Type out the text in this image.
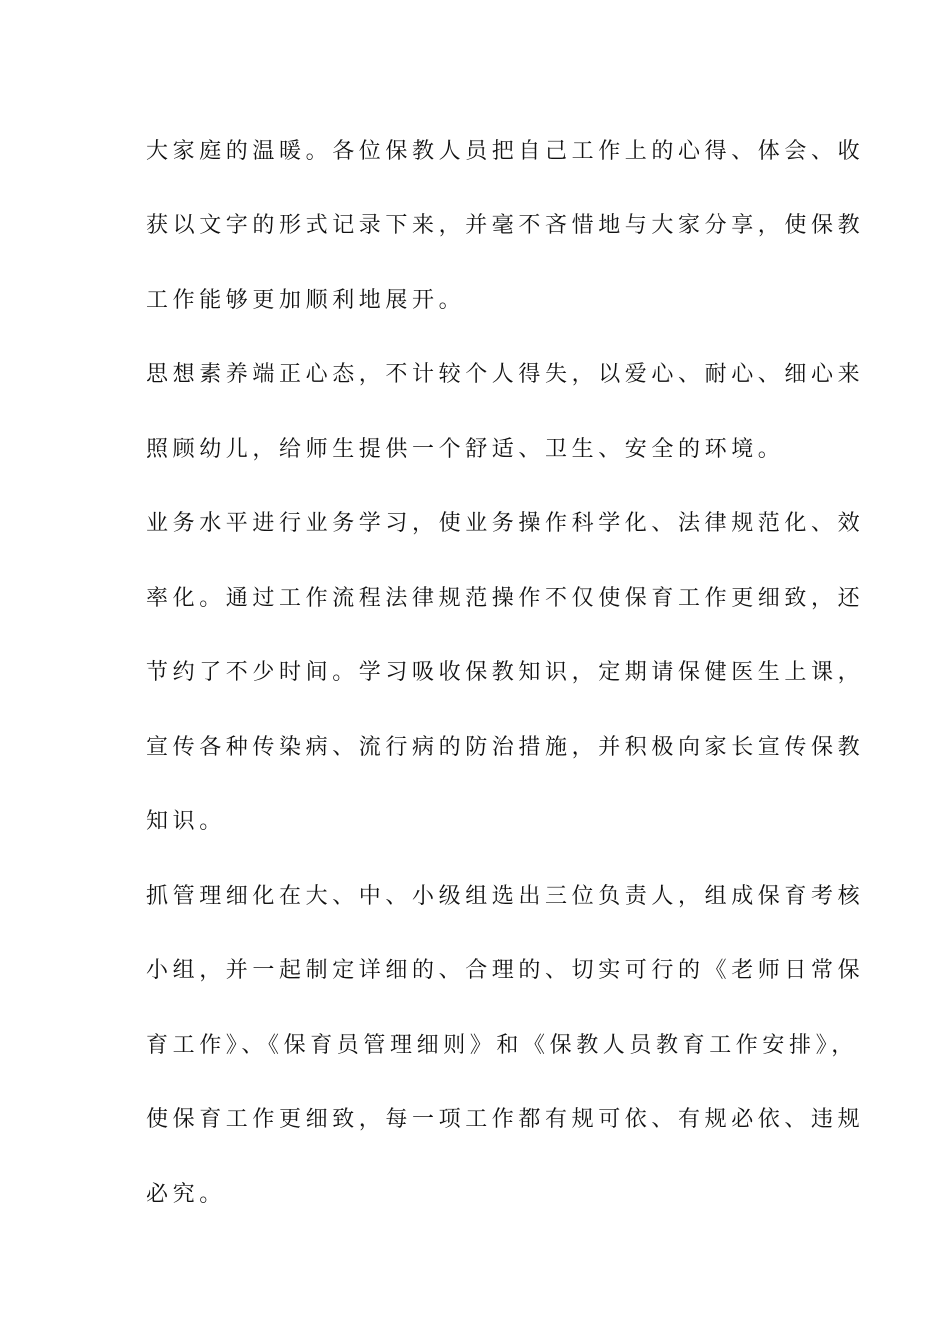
大家庭的温暖。各位保教人员把自己工作上的心得、体会、收
获以文字的形式记录下来，并毫不吝惜地与大家分享，使保教
工作能够更加顺利地展开。
思想素养端正心态，不计较个人得失，以爱心、耐心、细心来
照顾幼儿，给师生提供一个舒适、卫生、安全的环境。
业务水平进行业务学习，使业务操作科学化、法律规范化、效
率化。通过工作流程法律规范操作不仅使保育工作更细致，还
节约了不少时间。学习吸收保教知识，定期请保健医生上课，
宣传各种传染病、流行病的防治措施，并积极向家长宣传保教
知识。
抓管理细化在大、中、小级组选出三位负责人，组成保育考核
小组，并一起制定详细的、合理的、切实可行的《老师日常保
育工作》、《保育员管理细则》和《保教人员教育工作安排》，
使保育工作更细致，每一项工作都有规可依、有规必依、违规
必究。
